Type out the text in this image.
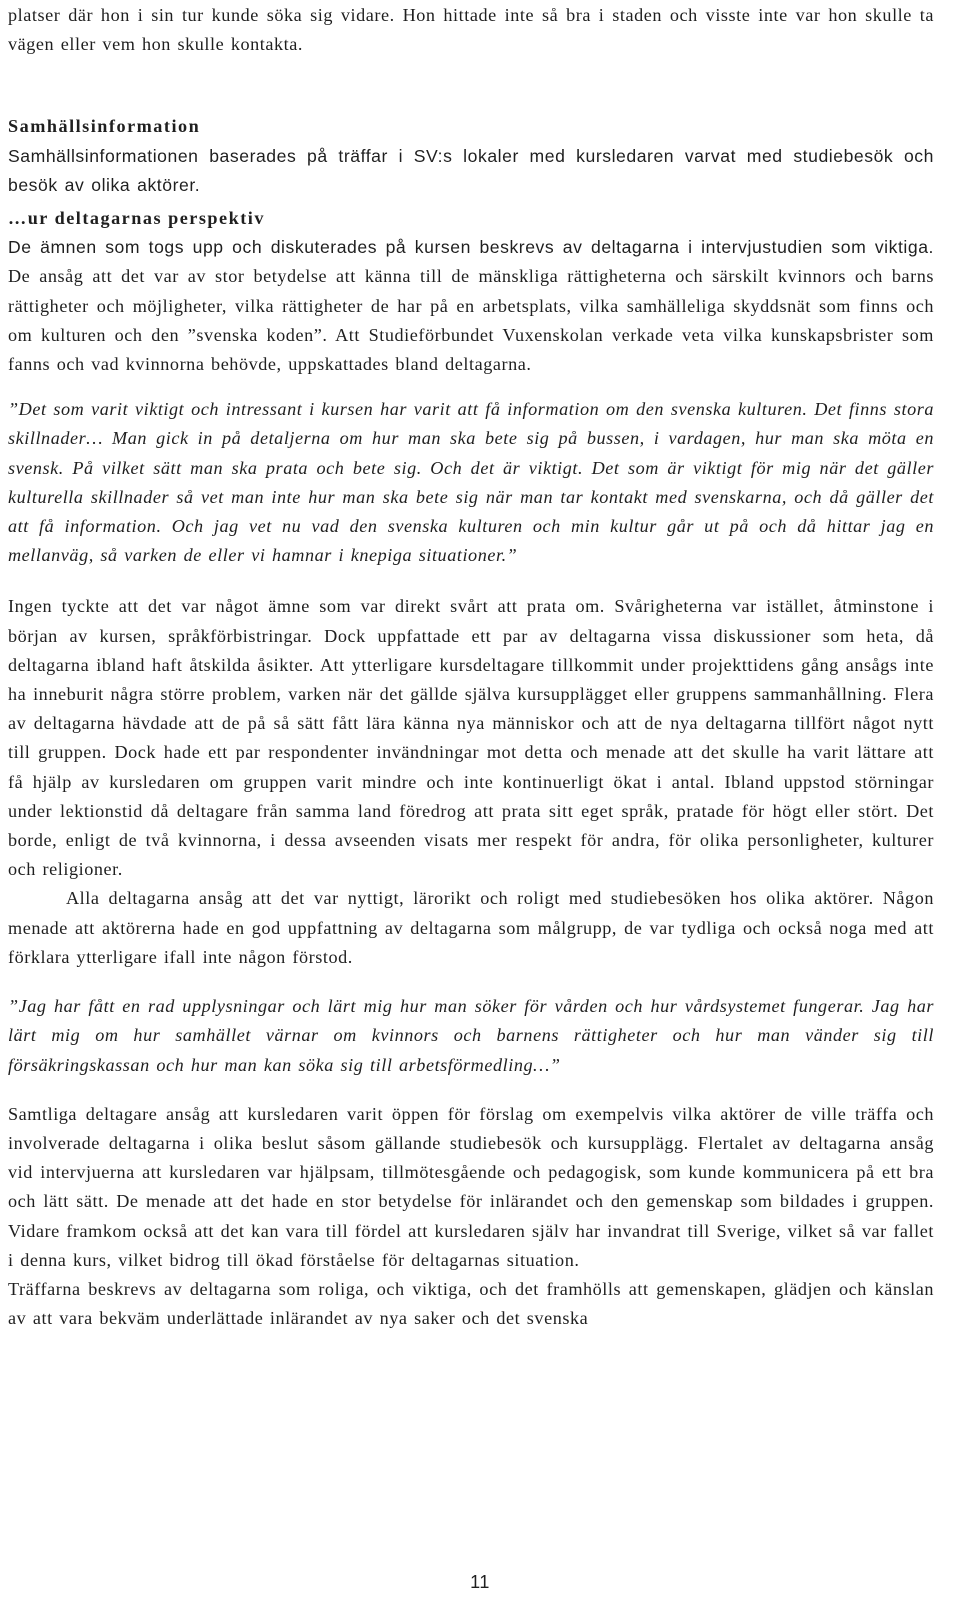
platser där hon i sin tur kunde söka sig vidare. Hon hittade inte så bra i staden och visste inte var hon skulle ta vägen eller vem hon skulle kontakta.

Samhällsinformation

Samhällsinformationen baserades på träffar i SV:s lokaler med kursledaren varvat med studiebesök och besök av olika aktörer.

…ur deltagarnas perspektiv

De ämnen som togs upp och diskuterades på kursen beskrevs av deltagarna i intervjustudien som viktiga. De ansåg att det var av stor betydelse att känna till de mänskliga rättigheterna och särskilt kvinnors och barns rättigheter och möjligheter, vilka rättigheter de har på en arbetsplats, vilka samhälleliga skyddsnät som finns och om kulturen och den ”svenska koden”. Att Studieförbundet Vuxenskolan verkade veta vilka kunskapsbrister som fanns och vad kvinnorna behövde, uppskattades bland deltagarna.

”Det som varit viktigt och intressant i kursen har varit att få information om den svenska kulturen. Det finns stora skillnader… Man gick in på detaljerna om hur man ska bete sig på bussen, i vardagen, hur man ska möta en svensk. På vilket sätt man ska prata och bete sig. Och det är viktigt. Det som är viktigt för mig när det gäller kulturella skillnader så vet man inte hur man ska bete sig när man tar kontakt med svenskarna, och då gäller det att få information. Och jag vet nu vad den svenska kulturen och min kultur går ut på och då hittar jag en mellanväg, så varken de eller vi hamnar i knepiga situationer.”

Ingen tyckte att det var något ämne som var direkt svårt att prata om. Svårigheterna var istället, åtminstone i början av kursen, språkförbistringar. Dock uppfattade ett par av deltagarna vissa diskussioner som heta, då deltagarna ibland haft åtskilda åsikter. Att ytterligare kursdeltagare tillkommit under projekttidens gång ansågs inte ha inneburit några större problem, varken när det gällde själva kursupplägget eller gruppens sammanhållning. Flera av deltagarna hävdade att de på så sätt fått lära känna nya människor och att de nya deltagarna tillfört något nytt till gruppen. Dock hade ett par respondenter invändningar mot detta och menade att det skulle ha varit lättare att få hjälp av kursledaren om gruppen varit mindre och inte kontinuerligt ökat i antal. Ibland uppstod störningar under lektionstid då deltagare från samma land föredrog att prata sitt eget språk, pratade för högt eller stört. Det borde, enligt de två kvinnorna, i dessa avseenden visats mer respekt för andra, för olika personligheter, kulturer och religioner.

Alla deltagarna ansåg att det var nyttigt, lärorikt och roligt med studiebesöken hos olika aktörer. Någon menade att aktörerna hade en god uppfattning av deltagarna som målgrupp, de var tydliga och också noga med att förklara ytterligare ifall inte någon förstod.

”Jag har fått en rad upplysningar och lärt mig hur man söker för vården och hur vårdsystemet fungerar. Jag har lärt mig om hur samhället värnar om kvinnors och barnens rättigheter och hur man vänder sig till försäkringskassan och hur man kan söka sig till arbetsförmedling…”

Samtliga deltagare ansåg att kursledaren varit öppen för förslag om exempelvis vilka aktörer de ville träffa och involverade deltagarna i olika beslut såsom gällande studiebesök och kursupplägg. Flertalet av deltagarna ansåg vid intervjuerna att kursledaren var hjälpsam, tillmötesgående och pedagogisk, som kunde kommunicera på ett bra och lätt sätt. De menade att det hade en stor betydelse för inlärandet och den gemenskap som bildades i gruppen. Vidare framkom också att det kan vara till fördel att kursledaren själv har invandrat till Sverige, vilket så var fallet i denna kurs, vilket bidrog till ökad förståelse för deltagarnas situation.

Träffarna beskrevs av deltagarna som roliga, och viktiga, och det framhölls att gemenskapen, glädjen och känslan av att vara bekväm underlättade inlärandet av nya saker och det svenska

11
